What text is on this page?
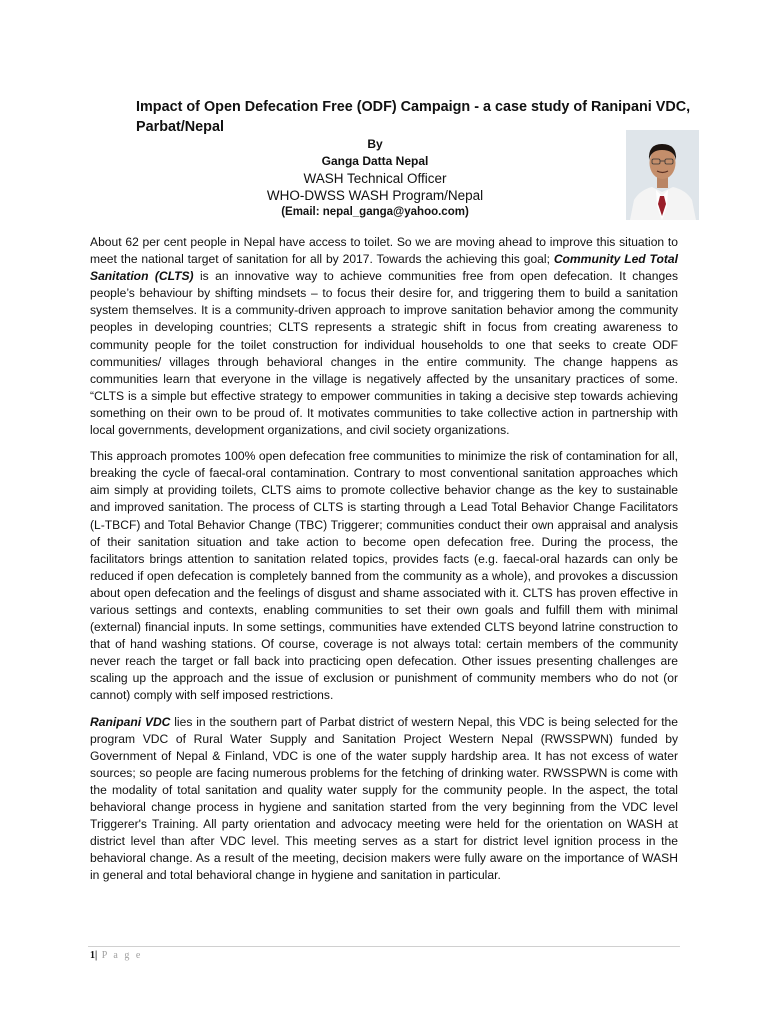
Impact of Open Defecation Free (ODF) Campaign - a case study of Ranipani VDC, Parbat/Nepal
By
Ganga Datta Nepal
WASH Technical Officer
WHO-DWSS WASH Program/Nepal
(Email: nepal_ganga@yahoo.com)

About 62 per cent people in Nepal have access to toilet. So we are moving ahead to improve this situation to meet the national target of sanitation for all by 2017. Towards the achieving this goal; Community Led Total Sanitation (CLTS) is an innovative way to achieve communities free from open defecation. It changes people’s behaviour by shifting mindsets – to focus their desire for, and triggering them to build a sanitation system themselves. It is a community-driven approach to improve sanitation behavior among the community peoples in developing countries; CLTS represents a strategic shift in focus from creating awareness to community people for the toilet construction for individual households to one that seeks to create ODF communities/ villages through behavioral changes in the entire community. The change happens as communities learn that everyone in the village is negatively affected by the unsanitary practices of some. “CLTS is a simple but effective strategy to empower communities in taking a decisive step towards achieving something on their own to be proud of. It motivates communities to take collective action in partnership with local governments, development organizations, and civil society organizations.

This approach promotes 100% open defecation free communities to minimize the risk of contamination for all, breaking the cycle of faecal-oral contamination. Contrary to most conventional sanitation approaches which aim simply at providing toilets, CLTS aims to promote collective behavior change as the key to sustainable and improved sanitation. The process of CLTS is starting through a Lead Total Behavior Change Facilitators (L-TBCF) and Total Behavior Change (TBC) Triggerer; communities conduct their own appraisal and analysis of their sanitation situation and take action to become open defecation free. During the process, the facilitators brings attention to sanitation related topics, provides facts (e.g. faecal-oral hazards can only be reduced if open defecation is completely banned from the community as a whole), and provokes a discussion about open defecation and the feelings of disgust and shame associated with it. CLTS has proven effective in various settings and contexts, enabling communities to set their own goals and fulfill them with minimal (external) financial inputs. In some settings, communities have extended CLTS beyond latrine construction to that of hand washing stations. Of course, coverage is not always total: certain members of the community never reach the target or fall back into practicing open defecation. Other issues presenting challenges are scaling up the approach and the issue of exclusion or punishment of community members who do not (or cannot) comply with self imposed restrictions.

Ranipani VDC lies in the southern part of Parbat district of western Nepal, this VDC is being selected for the program VDC of Rural Water Supply and Sanitation Project Western Nepal (RWSSPWN) funded by Government of Nepal & Finland, VDC is one of the water supply hardship area. It has not excess of water sources; so people are facing numerous problems for the fetching of drinking water. RWSSPWN is come with the modality of total sanitation and quality water supply for the community people. In the aspect, the total behavioral change process in hygiene and sanitation started from the very beginning from the VDC level Triggerer's Training. All party orientation and advocacy meeting were held for the orientation on WASH at district level than after VDC level. This meeting serves as a start for district level ignition process in the behavioral change. As a result of the meeting, decision makers were fully aware on the importance of WASH in general and total behavioral change in hygiene and sanitation in particular.

1| P a g e
